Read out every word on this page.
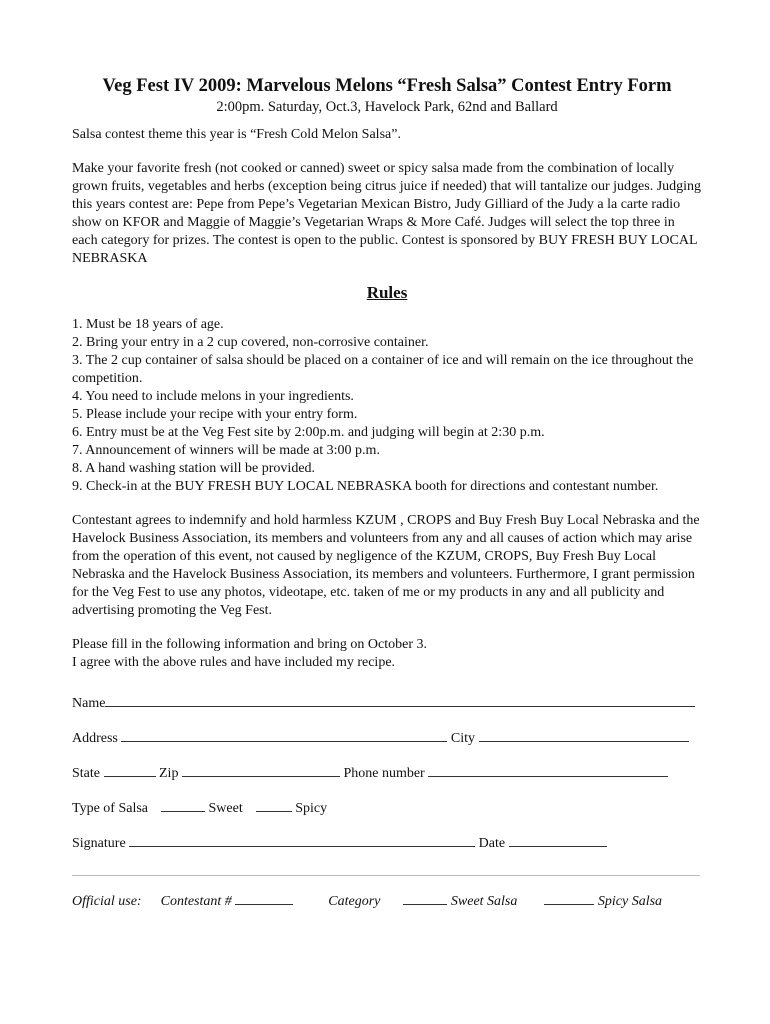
Veg Fest IV 2009: Marvelous Melons “Fresh Salsa” Contest Entry Form
2:00pm. Saturday, Oct.3, Havelock Park, 62nd and Ballard

Salsa contest theme this year is “Fresh Cold Melon Salsa”.

Make your favorite fresh (not cooked or canned) sweet or spicy salsa made from the combination of locally grown fruits, vegetables and herbs (exception being citrus juice if needed) that will tantalize our judges. Judging this years contest are: Pepe from Pepe’s Vegetarian Mexican Bistro, Judy Gilliard of the Judy a la carte radio show on KFOR and Maggie of Maggie’s Vegetarian Wraps & More Café. Judges will select the top three in each category for prizes. The contest is open to the public. Contest is sponsored by BUY FRESH BUY LOCAL NEBRASKA

Rules
1. Must be 18 years of age.
2. Bring your entry in a 2 cup covered, non-corrosive container.
3. The 2 cup container of salsa should be placed on a container of ice and will remain on the ice throughout the competition.
4. You need to include melons in your ingredients.
5. Please include your recipe with your entry form.
6. Entry must be at the Veg Fest site by 2:00p.m. and judging will begin at 2:30 p.m.
7. Announcement of winners will be made at 3:00 p.m.
8. A hand washing station will be provided.
9. Check-in at the BUY FRESH BUY LOCAL NEBRASKA booth for directions and contestant number.

Contestant agrees to indemnify and hold harmless KZUM , CROPS and Buy Fresh Buy Local Nebraska and the Havelock Business Association, its members and volunteers from any and all causes of action which may arise from the operation of this event, not caused by negligence of the KZUM, CROPS, Buy Fresh Buy Local Nebraska and the Havelock Business Association, its members and volunteers. Furthermore, I grant permission for the Veg Fest to use any photos, videotape, etc. taken of me or my products in any and all publicity and advertising promoting the Veg Fest.

Please fill in the following information and bring on October 3.

I agree with the above rules and have included my recipe.

Name
Address	City
State	Zip	Phone number
Type of Salsa	Sweet	Spicy
Signature	Date
Official use: Contestant #	Category	Sweet Salsa	Spicy Salsa
